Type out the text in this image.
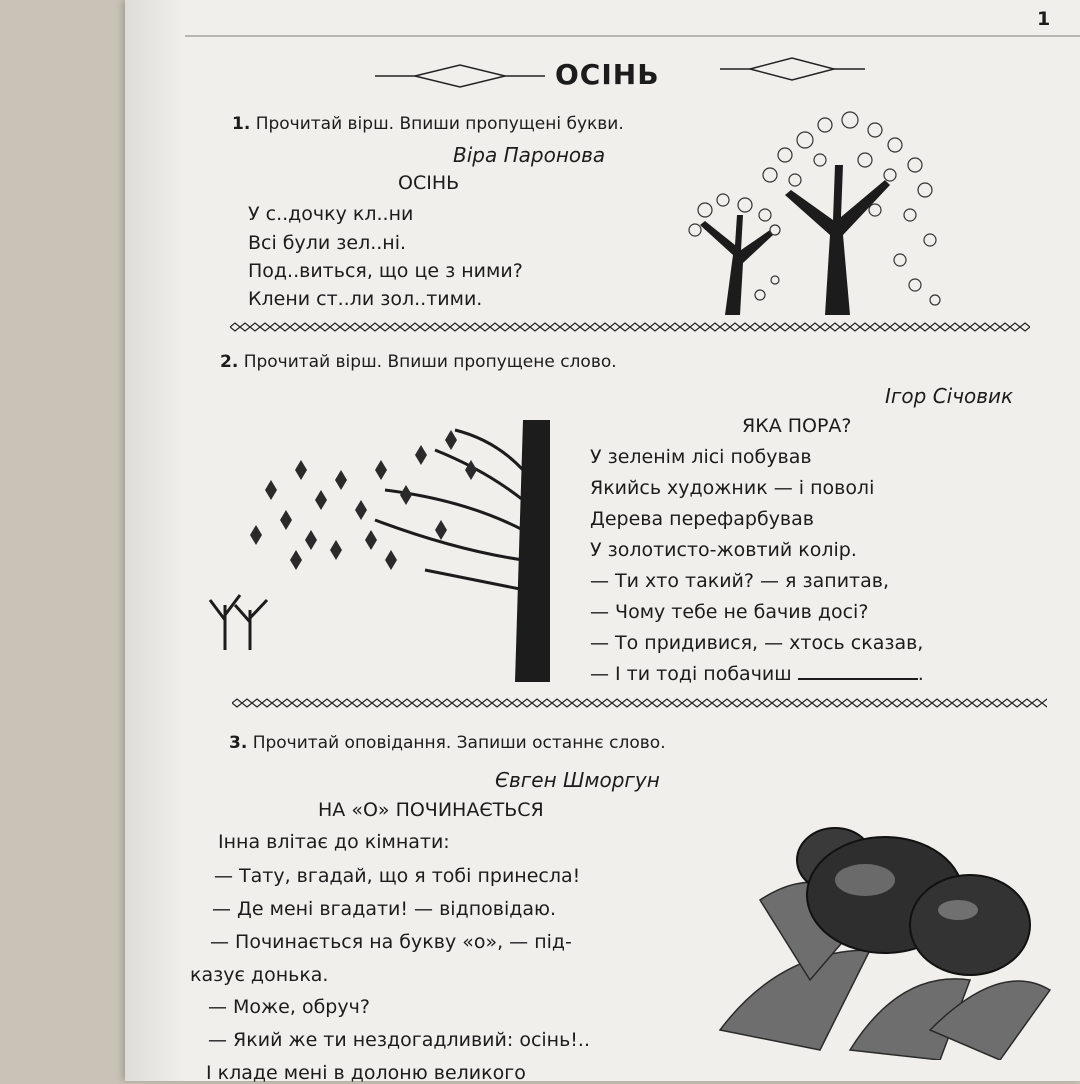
1
ОСІНЬ
1. Прочитай вірш. Впиши пропущені букви.
Віра Паронова
ОСІНЬ
У с..дочку кл..ни
Всі були зел..ні.
Под..виться, що це з ними?
Клени ст..ли зол..тими.
2. Прочитай вірш. Впиши пропущене слово.
Ігор Січовик
ЯКА ПОРА?
У зеленім лісі побував
Якийсь художник — і поволі
Дерева перефарбував
У золотисто-жовтий колір.
— Ти хто такий? — я запитав,
— Чому тебе не бачив досі?
— То придивися, — хтось сказав,
— І ти тоді побачиш	.
3. Прочитай оповідання. Запиши останнє слово.
Євген Шморгун
НА «О» ПОЧИНАЄТЬСЯ
Інна влітає до кімнати:
— Тату, вгадай, що я тобі принесла!
— Де мені вгадати! — відповідаю.
— Починається на букву «о», — під-
казує донька.
— Може, обруч?
— Який же ти нездогадливий: осінь!..
І кладе мені в долоню великого
